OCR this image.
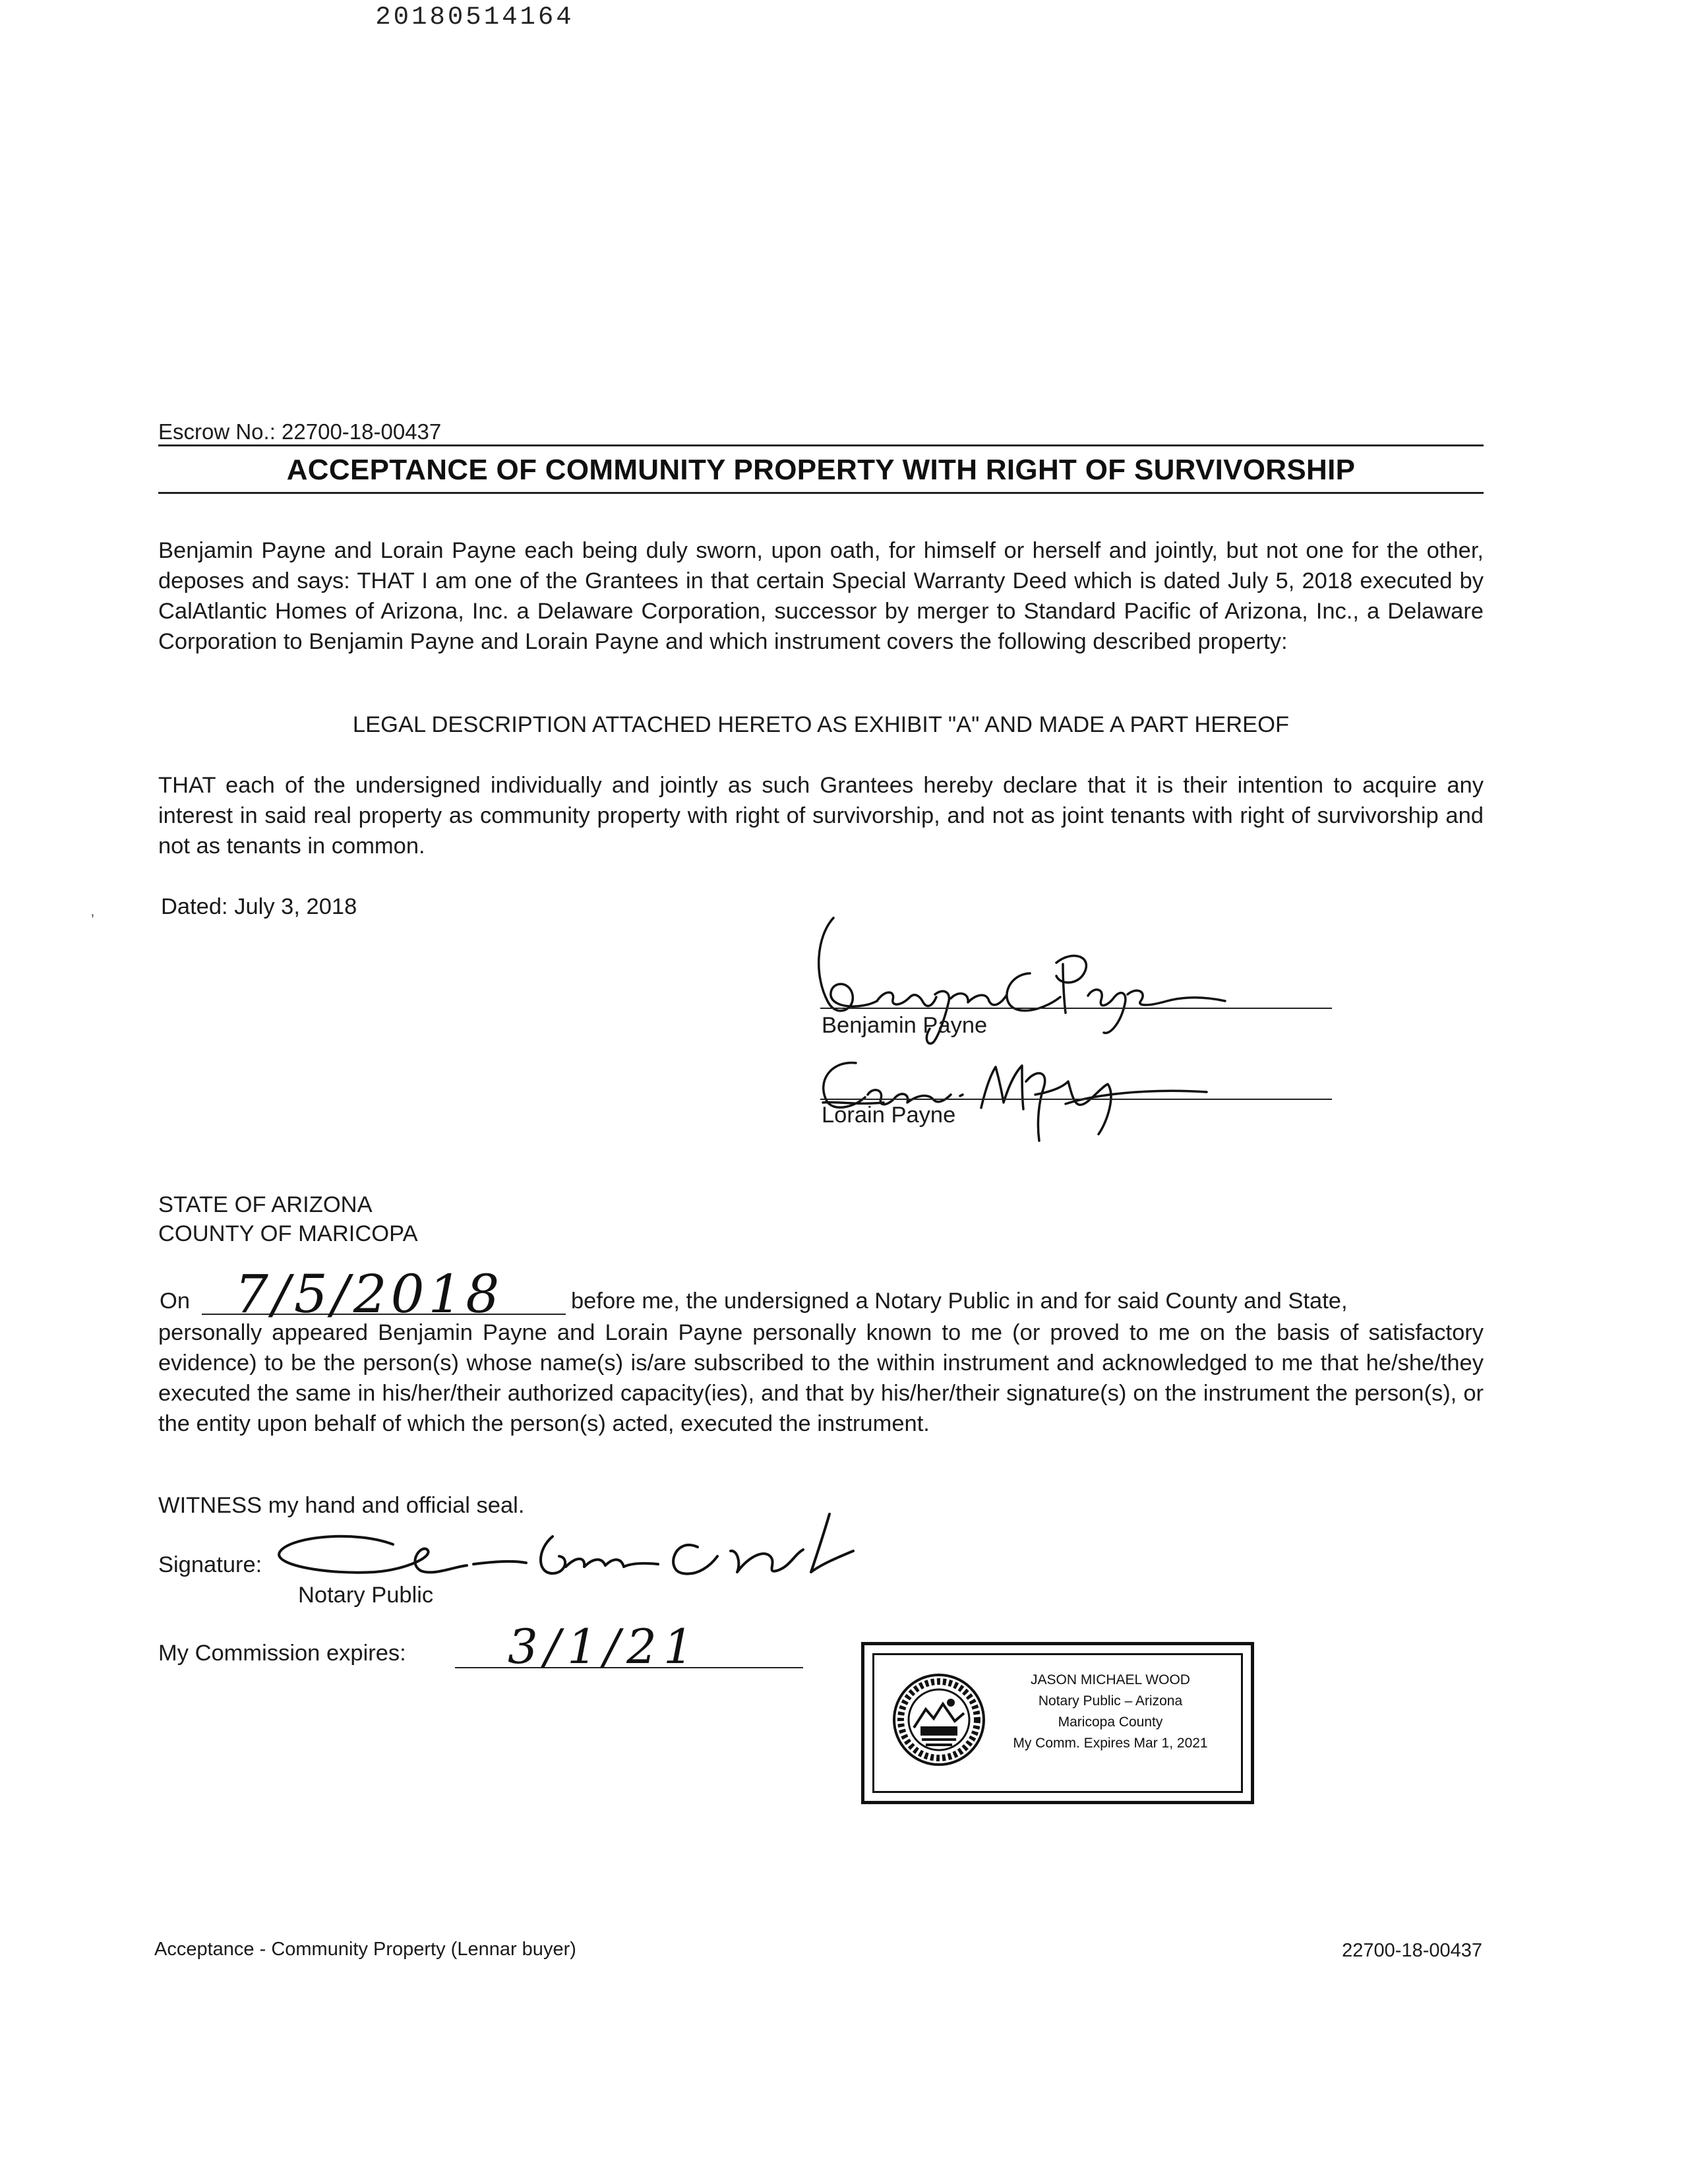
20180514164
Escrow No.: 22700-18-00437
ACCEPTANCE OF COMMUNITY PROPERTY WITH RIGHT OF SURVIVORSHIP
Benjamin Payne and Lorain Payne each being duly sworn, upon oath, for himself or herself and jointly, but not one for the other, deposes and says: THAT I am one of the Grantees in that certain Special Warranty Deed which is dated July 5, 2018 executed by CalAtlantic Homes of Arizona, Inc. a Delaware Corporation, successor by merger to Standard Pacific of Arizona, Inc., a Delaware Corporation to Benjamin Payne and Lorain Payne and which instrument covers the following described property:
LEGAL DESCRIPTION ATTACHED HERETO AS EXHIBIT "A" AND MADE A PART HEREOF
THAT each of the undersigned individually and jointly as such Grantees hereby declare that it is their intention to acquire any interest in said real property as community property with right of survivorship, and not as joint tenants with right of survivorship and not as tenants in common.
Dated: July 3, 2018
’
Benjamin Payne
Lorain Payne
STATE OF ARIZONA
COUNTY OF MARICOPA
On 7/5/2018	before me, the undersigned a Notary Public in and for said County and State,
personally appeared Benjamin Payne and Lorain Payne personally known to me (or proved to me on the basis of satisfactory evidence) to be the person(s) whose name(s) is/are subscribed to the within instrument and acknowledged to me that he/she/they executed the same in his/her/their authorized capacity(ies), and that by his/her/their signature(s) on the instrument the person(s), or the entity upon behalf of which the person(s) acted, executed the instrument.
WITNESS my hand and official seal.
Signature:
Notary Public
My Commission expires: 3/1/21
JASON MICHAEL WOOD
Notary Public – Arizona
Maricopa County
My Comm. Expires Mar 1, 2021
Acceptance - Community Property (Lennar buyer)	22700-18-00437
